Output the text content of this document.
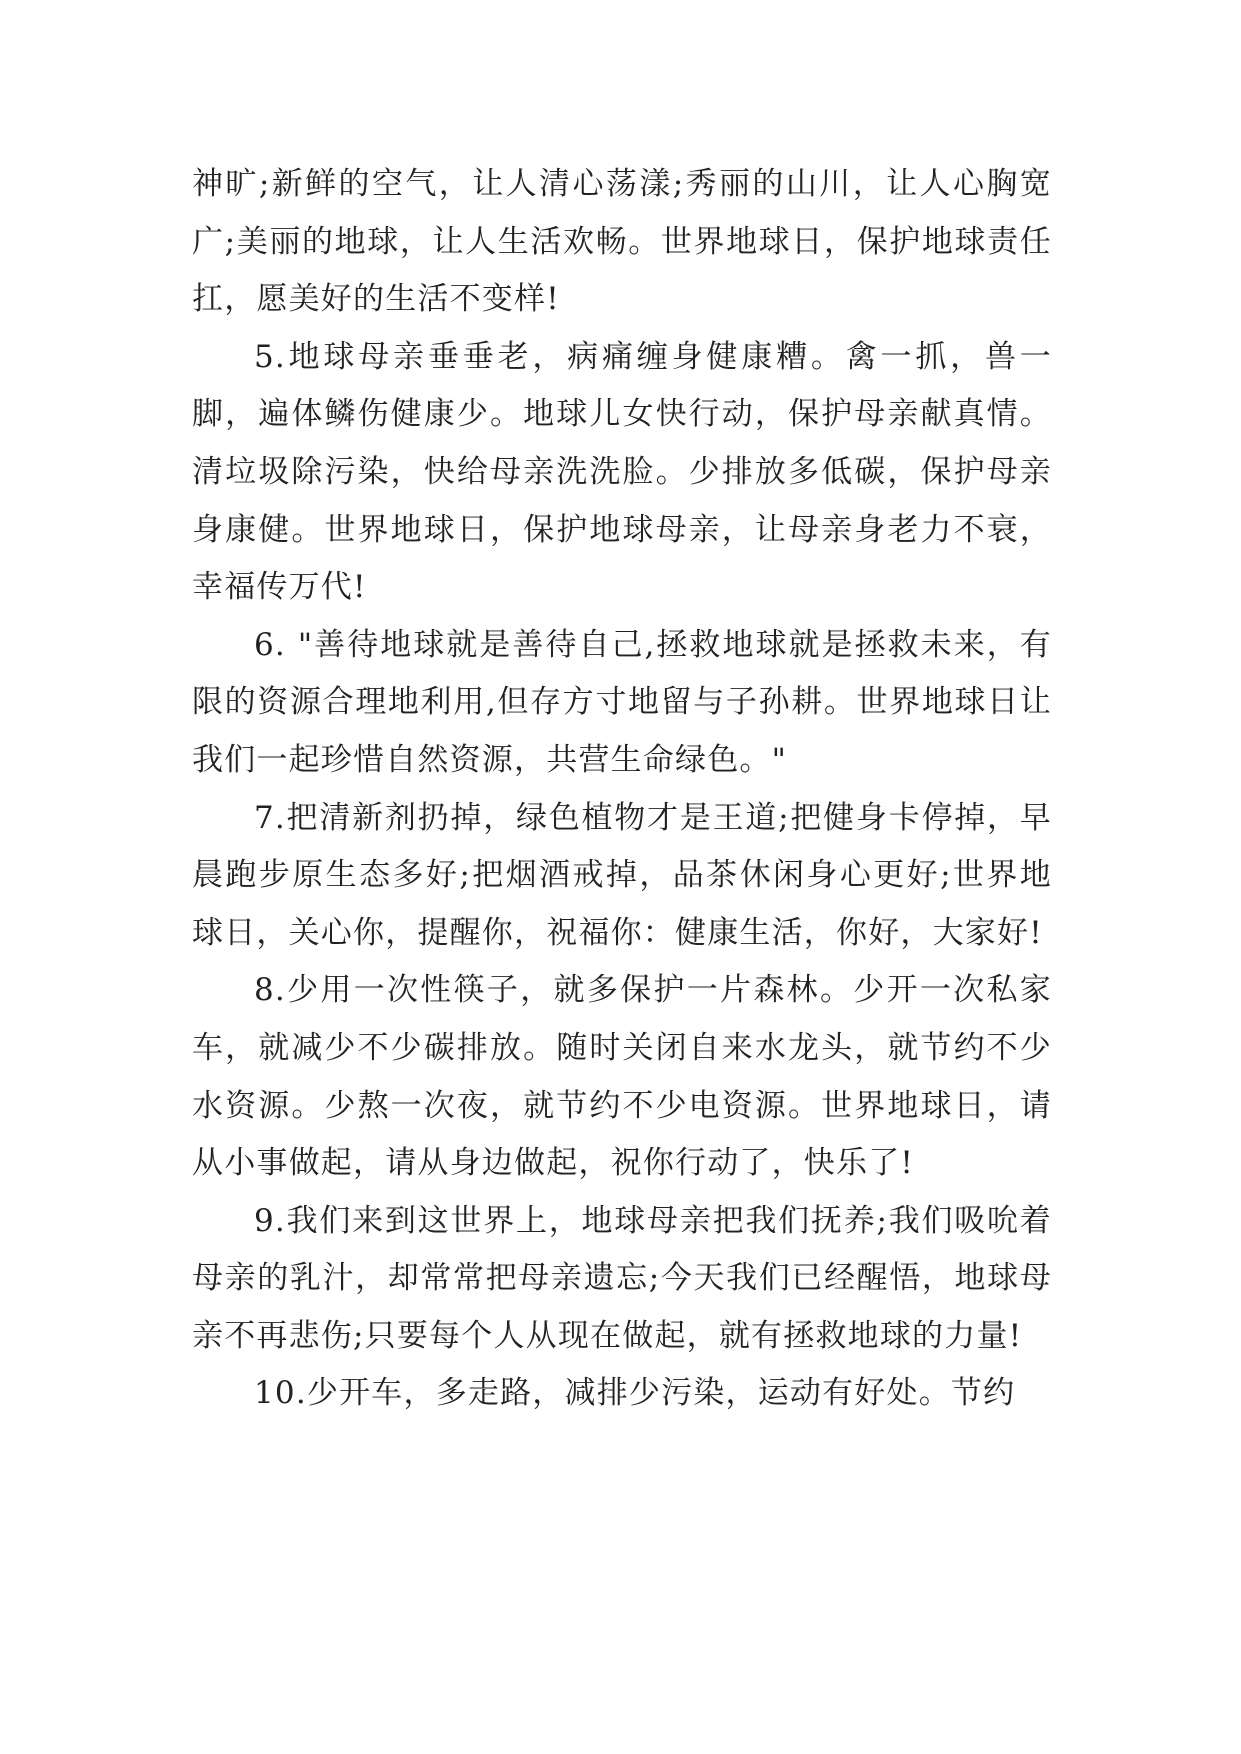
神旷;新鲜的空气，让人清心荡漾;秀丽的山川，让人心胸宽广;美丽的地球，让人生活欢畅。世界地球日，保护地球责任扛，愿美好的生活不变样!

5.地球母亲垂垂老，病痛缠身健康糟。禽一抓，兽一脚，遍体鳞伤健康少。地球儿女快行动，保护母亲献真情。清垃圾除污染，快给母亲洗洗脸。少排放多低碳，保护母亲身康健。世界地球日，保护地球母亲，让母亲身老力不衰，幸福传万代!

6. "善待地球就是善待自己,拯救地球就是拯救未来，有限的资源合理地利用,但存方寸地留与子孙耕。世界地球日让我们一起珍惜自然资源，共营生命绿色。"

7.把清新剂扔掉，绿色植物才是王道;把健身卡停掉，早晨跑步原生态多好;把烟酒戒掉，品茶休闲身心更好;世界地球日，关心你，提醒你，祝福你：健康生活，你好，大家好!

8.少用一次性筷子，就多保护一片森林。少开一次私家车，就减少不少碳排放。随时关闭自来水龙头，就节约不少水资源。少熬一次夜，就节约不少电资源。世界地球日，请从小事做起，请从身边做起，祝你行动了，快乐了!

9.我们来到这世界上，地球母亲把我们抚养;我们吸吮着母亲的乳汁，却常常把母亲遗忘;今天我们已经醒悟，地球母亲不再悲伤;只要每个人从现在做起，就有拯救地球的力量!

10.少开车，多走路，减排少污染，运动有好处。节约
